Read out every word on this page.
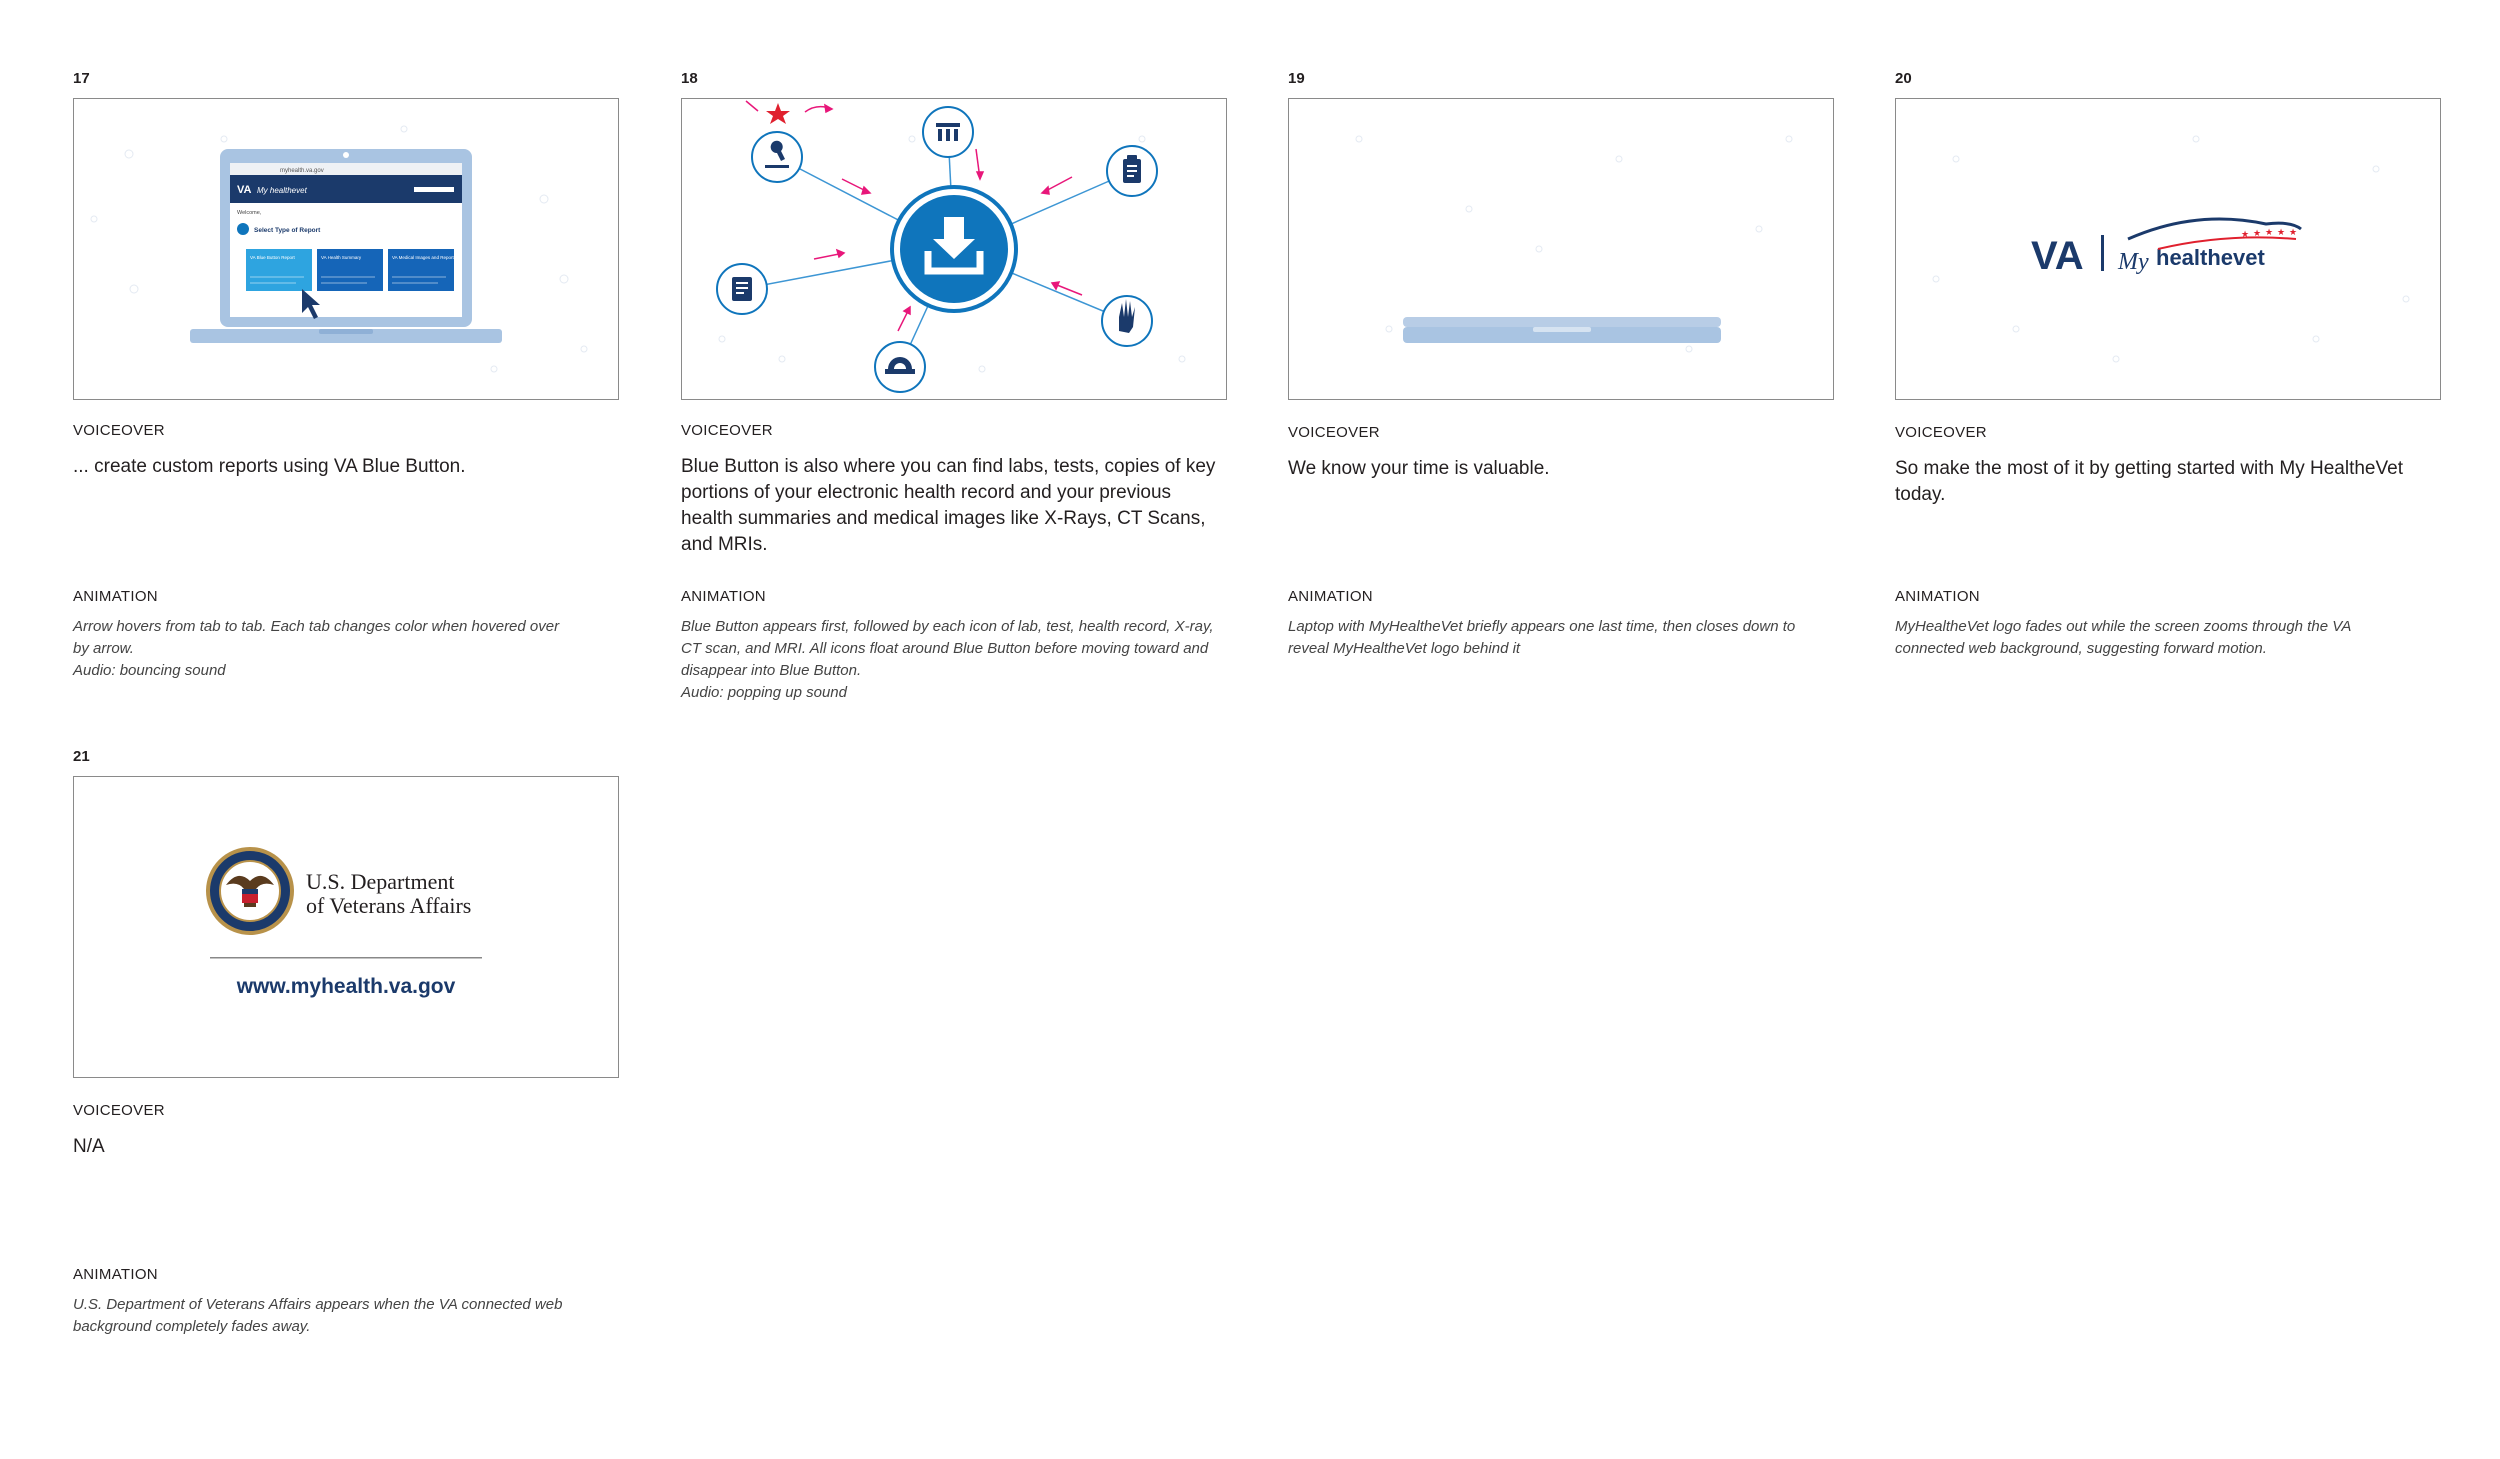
17
myhealth.va.gov
VA My healthevet
Welcome,
Select Type of Report
VA Blue Button Report	VA Health Summary	VA Medical Images and Reports
VOICEOVER
... create custom reports using VA Blue Button.
ANIMATION
Arrow hovers from tab to tab. Each tab changes color when hovered over
by arrow.
Audio: bouncing sound
18
VOICEOVER
Blue Button is also where you can find labs, tests, copies of key
portions of your electronic health record and your previous
health summaries and medical images like X-Rays, CT Scans,
and MRIs.
ANIMATION
Blue Button appears first, followed by each icon of lab, test, health record, X-ray,
CT scan, and MRI. All icons float around Blue Button before moving toward and
disappear into Blue Button.
Audio: popping up sound
19
VOICEOVER
We know your time is valuable.
ANIMATION
Laptop with MyHealtheVet briefly appears one last time, then closes down to
reveal MyHealtheVet logo behind it
20
VA My healthevet
★ ★ ★ ★ ★
VOICEOVER
So make the most of it by getting started with My HealtheVet
today.
ANIMATION
MyHealtheVet logo fades out while the screen zooms through the VA
connected web background, suggesting forward motion.
21
U.S. Department
of Veterans Affairs
www.myhealth.va.gov
VOICEOVER
N/A
ANIMATION
U.S. Department of Veterans Affairs appears when the VA connected web
background completely fades away.
